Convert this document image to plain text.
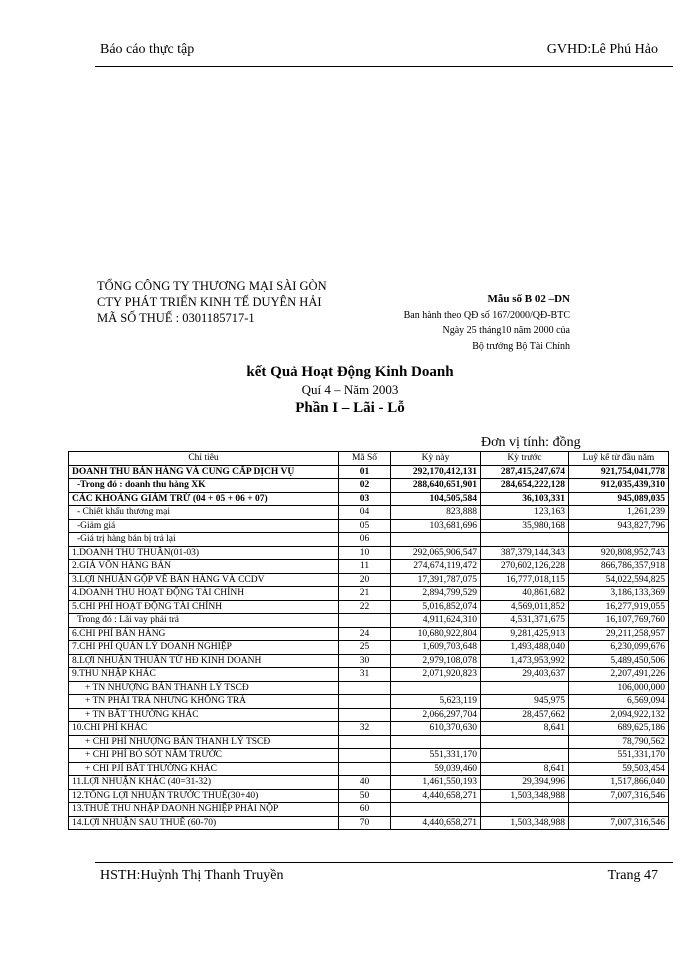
Báo cáo thực tập	GVHD:Lê Phú Hảo
TỔNG CÔNG TY THƯƠNG MẠI SÀI GÒN
CTY PHÁT TRIỂN KINH TẾ DUYÊN HẢI
MÃ SỐ THUẾ : 0301185717-1
Mẫu số B 02 –DN
Ban hành theo QĐ số 167/2000/QĐ-BTC
Ngày 25 tháng10 năm 2000 của
Bộ trưởng Bộ Tài Chính
kết Quả Hoạt Động Kinh Doanh
Quí 4 – Năm 2003
Phần I – Lãi - Lỗ
Đơn vị tính: đồng
Chỉ tiêu	Mã Số	Kỳ này	Kỳ trước	Luỹ kế từ đầu năm
DOANH THU BÁN HÀNG VÀ CUNG CẤP DỊCH VỤ	01	292,170,412,131	287,415,247,674	921,754,041,778
-Trong đó : doanh thu hàng XK	02	288,640,651,901	284,654,222,128	912,035,439,310
CÁC KHOẢNG GIẢM TRỪ (04 + 05 + 06 + 07)	03	104,505,584	36,103,331	945,089,035
- Chiết khấu thương mại	04	823,888	123,163	1,261,239
-Giảm giá	05	103,681,696	35,980,168	943,827,796
-Giá trị hàng bán bị trả lại	06			
1.DOANH THU THUẦN(01-03)	10	292,065,906,547	387,379,144,343	920,808,952,743
2.GIÁ VỐN HÀNG BÁN	11	274,674,119,472	270,602,126,228	866,786,357,918
3.LỢI NHUẬN GỘP VỀ BÁN HÀNG VÀ CCDV	20	17,391,787,075	16,777,018,115	54,022,594,825
4.DOANH THU HOẠT ĐỘNG TÀI CHÍNH	21	2,894,799,529	40,861,682	3,186,133,369
5.CHI PHÍ HOẠT ĐỘNG TÀI CHÍNH	22	5,016,852,074	4,569,011,852	16,277,919,055
Trong đó : Lãi vay phải trả		4,911,624,310	4,531,371,675	16,107,769,760
6.CHI PHÍ BÁN HÀNG	24	10,680,922,804	9,281,425,913	29,211,258,957
7.CHI PHÍ QUẢN LÝ DOANH NGHIỆP	25	1,609,703,648	1,493,488,040	6,230,099,676
8.LỢI NHUẬN THUẦN TỪ HĐ KINH DOANH	30	2,979,108,078	1,473,953,992	5,489,450,506
9.THU NHẬP KHÁC	31	2,071,920,823	29,403,637	2,207,491,226
+ TN NHƯỢNG BÁN THANH LÝ TSCĐ				106,000,000
+ TN PHẢI TRẢ NHƯNG KHÔNG TRẢ		5,623,119	945,975	6,569,094
+ TN BẤT THƯỜNG KHÁC		2,066,297,704	28,457,662	2,094,922,132
10.CHI PHÍ KHÁC	32	610,370,630	8,641	689,625,186
+ CHI PHÍ NHƯỢNG BÁN THANH LÝ TSCĐ				78,790,562
+ CHI PHÍ BỎ SÓT NĂM TRƯỚC		551,331,170		551,331,170
+ CHI PJÍ BẤT THƯỜNG KHÁC		59,039,460	8,641	59,503,454
11.LỢI NHUẬN KHÁC (40=31-32)	40	1,461,550,193	29,394,996	1,517,866,040
12.TỔNG LỢI NHUẬN TRƯỚC THUẾ(30+40)	50	4,440,658,271	1,503,348,988	7,007,316,546
13.THUẾ THU NHẬP DAONH NGHIỆP PHẢI NỘP	60			
14.LỢI NHUẬN SAU THUẾ (60-70)	70	4,440,658,271	1,503,348,988	7,007,316,546
HSTH:Huỳnh Thị Thanh Truyền	Trang 47
